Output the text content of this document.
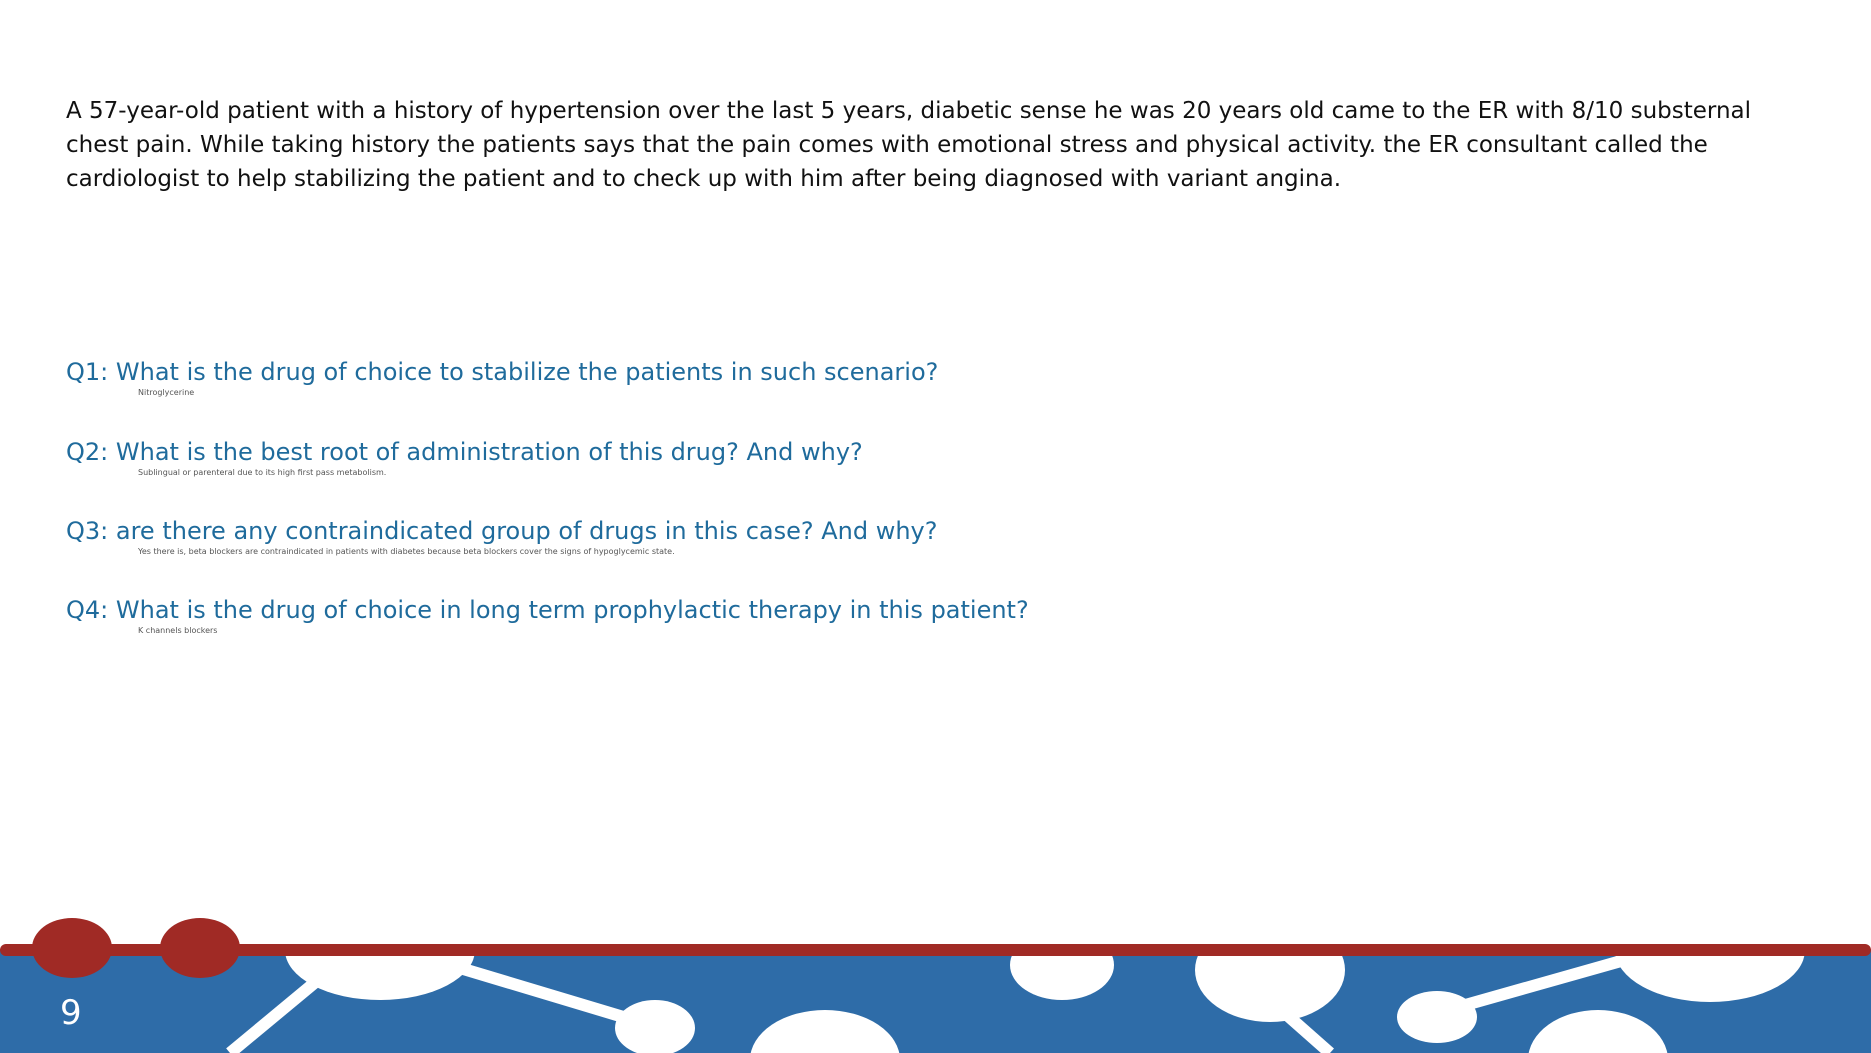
A 57-year-old patient with a history of hypertension over the last 5 years, diabetic sense he was 20 years old came to the ER with 8/10 substernal chest pain. While taking history the patients says that the pain comes with emotional stress and physical activity. the ER consultant called the cardiologist to help stabilizing the patient and to check up with him after being diagnosed with variant angina.
Q1: What is the drug of choice to stabilize the patients in such scenario?
Nitroglycerine
Q2: What is the best root of administration of this drug? And why?
Sublingual or parenteral due to its high first pass metabolism.
Q3: are there any contraindicated group of drugs in this case? And why?
Yes there is, beta blockers are contraindicated in patients with diabetes because beta blockers cover the signs of hypoglycemic state.
Q4: What is the drug of choice in long term prophylactic therapy in this patient?
K channels blockers
9
